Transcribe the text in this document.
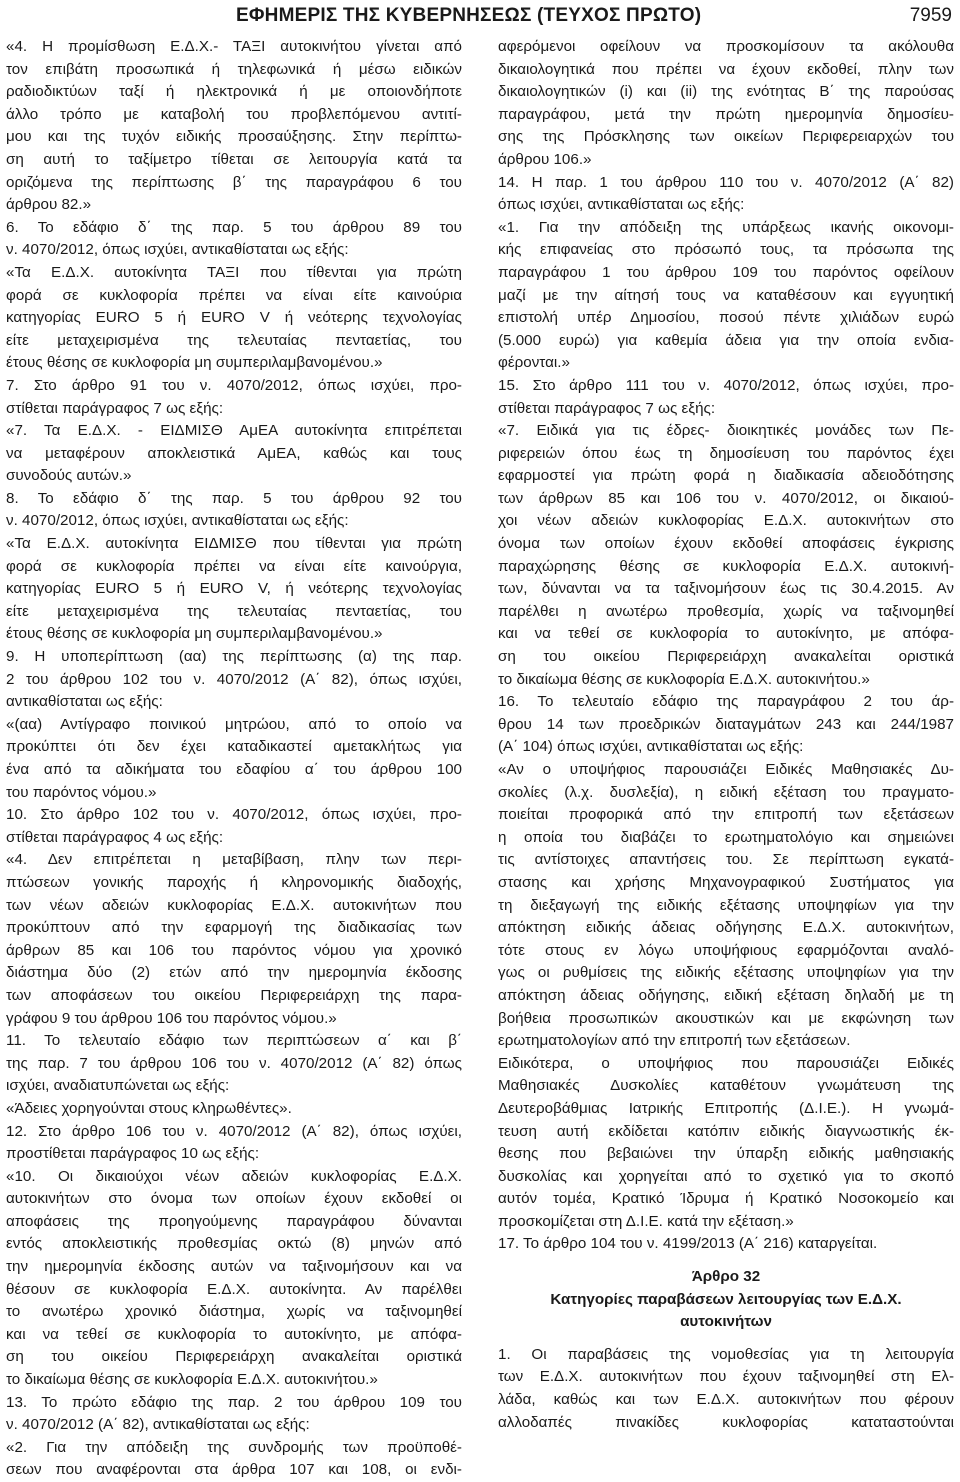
ΕΦΗΜΕΡΙΣ ΤΗΣ ΚΥΒΕΡΝΗΣΕΩΣ (ΤΕΥΧΟΣ ΠΡΩΤΟ)	7959
«4. Η προμίσθωση Ε.Δ.Χ.- ΤΑΞΙ αυτοκινήτου γίνεται από
τον επιβάτη προσωπικά ή τηλεφωνικά ή μέσω ειδικών
ραδιοδικτύων ταξί ή ηλεκτρονικά ή με οποιονδήποτε
άλλο τρόπο με καταβολή του προβλεπόμενου αντιτί-
μου και της τυχόν ειδικής προσαύξησης. Στην περίπτω-
ση αυτή το ταξίμετρο τίθεται σε λειτουργία κατά τα
οριζόμενα της περίπτωσης β΄ της παραγράφου 6 του
άρθρου 82.»
6. Το εδάφιο δ΄ της παρ. 5 του άρθρου 89 του
ν. 4070/2012, όπως ισχύει, αντικαθίσταται ως εξής:
«Τα Ε.Δ.Χ. αυτοκίνητα ΤΑΞΙ που τίθενται για πρώτη
φορά σε κυκλοφορία πρέπει να είναι είτε καινούρια
κατηγορίας EURO 5 ή EURO V ή νεότερης τεχνολογίας
είτε μεταχειρισμένα της τελευταίας πενταετίας, του
έτους θέσης σε κυκλοφορία μη συμπεριλαμβανομένου.»
7. Στο άρθρο 91 του ν. 4070/2012, όπως ισχύει, προ-
στίθεται παράγραφος 7 ως εξής:
«7. Τα Ε.Δ.Χ. - ΕΙΔΜΙΣΘ ΑμΕΑ αυτοκίνητα επιτρέπεται
να μεταφέρουν αποκλειστικά ΑμΕΑ, καθώς και τους
συνοδούς αυτών.»
8. Το εδάφιο δ΄ της παρ. 5 του άρθρου 92 του
ν. 4070/2012, όπως ισχύει, αντικαθίσταται ως εξής:
«Τα Ε.Δ.Χ. αυτοκίνητα ΕΙΔΜΙΣΘ που τίθενται για πρώτη
φορά σε κυκλοφορία πρέπει να είναι είτε καινούργια,
κατηγορίας EURO 5 ή EURO V, ή νεότερης τεχνολογίας
είτε μεταχειρισμένα της τελευταίας πενταετίας, του
έτους θέσης σε κυκλοφορία μη συμπεριλαμβανομένου.»
9. Η υποπερίπτωση (αα) της περίπτωσης (α) της παρ.
2 του άρθρου 102 του ν. 4070/2012 (Α΄ 82), όπως ισχύει,
αντικαθίσταται ως εξής:
«(αα) Αντίγραφο ποινικού μητρώου, από το οποίο να
προκύπτει ότι δεν έχει καταδικαστεί αμετακλήτως για
ένα από τα αδικήματα του εδαφίου α΄ του άρθρου 100
του παρόντος νόμου.»
10. Στο άρθρο 102 του ν. 4070/2012, όπως ισχύει, προ-
στίθεται παράγραφος 4 ως εξής:
«4. Δεν επιτρέπεται η μεταβίβαση, πλην των περι-
πτώσεων γονικής παροχής ή κληρονομικής διαδοχής,
των νέων αδειών κυκλοφορίας Ε.Δ.Χ. αυτοκινήτων που
προκύπτουν από την εφαρμογή της διαδικασίας των
άρθρων 85 και 106 του παρόντος νόμου για χρονικό
διάστημα δύο (2) ετών από την ημερομηνία έκδοσης
των αποφάσεων του οικείου Περιφερειάρχη της παρα-
γράφου 9 του άρθρου 106 του παρόντος νόμου.»
11. Το τελευταίο εδάφιο των περιπτώσεων α΄ και β΄
της παρ. 7 του άρθρου 106 του ν. 4070/2012 (Α΄ 82) όπως
ισχύει, αναδιατυπώνεται ως εξής:
«Άδειες χορηγούνται στους κληρωθέντες».
12. Στο άρθρο 106 του ν. 4070/2012 (Α΄ 82), όπως ισχύει,
προστίθεται παράγραφος 10 ως εξής:
«10. Οι δικαιούχοι νέων αδειών κυκλοφορίας Ε.Δ.Χ.
αυτοκινήτων στο όνομα των οποίων έχουν εκδοθεί οι
αποφάσεις της προηγούμενης παραγράφου δύνανται
εντός αποκλειστικής προθεσμίας οκτώ (8) μηνών από
την ημερομηνία έκδοσης αυτών να ταξινομήσουν και να
θέσουν σε κυκλοφορία Ε.Δ.Χ. αυτοκίνητα. Αν παρέλθει
το ανωτέρω χρονικό διάστημα, χωρίς να ταξινομηθεί
και να τεθεί σε κυκλοφορία το αυτοκίνητο, με απόφα-
ση του οικείου Περιφερειάρχη ανακαλείται οριστικά
το δικαίωμα θέσης σε κυκλοφορία Ε.Δ.Χ. αυτοκινήτου.»
13. Το πρώτο εδάφιο της παρ. 2 του άρθρου 109 του
ν. 4070/2012 (Α΄ 82), αντικαθίσταται ως εξής:
«2. Για την απόδειξη της συνδρομής των προϋποθέ-
σεων που αναφέρονται στα άρθρα 107 και 108, οι ενδι-
αφερόμενοι οφείλουν να προσκομίσουν τα ακόλουθα
δικαιολογητικά που πρέπει να έχουν εκδοθεί, πλην των
δικαιολογητικών (i) και (ii) της ενότητας Β΄ της παρούσας
παραγράφου, μετά την πρώτη ημερομηνία δημοσίευ-
σης της Πρόσκλησης των οικείων Περιφερειαρχών του
άρθρου 106.»
14. Η παρ. 1 του άρθρου 110 του ν. 4070/2012 (Α΄ 82)
όπως ισχύει, αντικαθίσταται ως εξής:
«1. Για την απόδειξη της υπάρξεως ικανής οικονομι-
κής επιφανείας στο πρόσωπό τους, τα πρόσωπα της
παραγράφου 1 του άρθρου 109 του παρόντος οφείλουν
μαζί με την αίτησή τους να καταθέσουν και εγγυητική
επιστολή υπέρ Δημοσίου, ποσού πέντε χιλιάδων ευρώ
(5.000 ευρώ) για καθεμία άδεια για την οποία ενδια-
φέρονται.»
15. Στο άρθρο 111 του ν. 4070/2012, όπως ισχύει, προ-
στίθεται παράγραφος 7 ως εξής:
«7. Ειδικά για τις έδρες- διοικητικές μονάδες των Πε-
ριφερειών όπου έως τη δημοσίευση του παρόντος έχει
εφαρμοστεί για πρώτη φορά η διαδικασία αδειοδότησης
των άρθρων 85 και 106 του ν. 4070/2012, οι δικαιού-
χοι νέων αδειών κυκλοφορίας Ε.Δ.Χ. αυτοκινήτων στο
όνομα των οποίων έχουν εκδοθεί αποφάσεις έγκρισης
παραχώρησης θέσης σε κυκλοφορία Ε.Δ.Χ. αυτοκινή-
των, δύνανται να τα ταξινομήσουν έως τις 30.4.2015. Αν
παρέλθει η ανωτέρω προθεσμία, χωρίς να ταξινομηθεί
και να τεθεί σε κυκλοφορία το αυτοκίνητο, με απόφα-
ση του οικείου Περιφερειάρχη ανακαλείται οριστικά
το δικαίωμα θέσης σε κυκλοφορία Ε.Δ.Χ. αυτοκινήτου.»
16. Το τελευταίο εδάφιο της παραγράφου 2 του άρ-
θρου 14 των προεδρικών διαταγμάτων 243 και 244/1987
(Α΄ 104) όπως ισχύει, αντικαθίσταται ως εξής:
«Αν ο υποψήφιος παρουσιάζει Ειδικές Μαθησιακές Δυ-
σκολίες (λ.χ. δυσλεξία), η ειδική εξέταση του πραγματο-
ποιείται προφορικά από την επιτροπή των εξετάσεων
η οποία του διαβάζει το ερωτηματολόγιο και σημειώνει
τις αντίστοιχες απαντήσεις του. Σε περίπτωση εγκατά-
στασης και χρήσης Μηχανογραφικού Συστήματος για
τη διεξαγωγή της ειδικής εξέτασης υποψηφίων για την
απόκτηση ειδικής άδειας οδήγησης Ε.Δ.Χ. αυτοκινήτων,
τότε στους εν λόγω υποψήφιους εφαρμόζονται αναλό-
γως οι ρυθμίσεις της ειδικής εξέτασης υποψηφίων για την
απόκτηση άδειας οδήγησης, ειδική εξέταση δηλαδή με τη
βοήθεια προσωπικών ακουστικών και με εκφώνηση των
ερωτηματολογίων από την επιτροπή των εξετάσεων.
Ειδικότερα, ο υποψήφιος που παρουσιάζει Ειδικές
Μαθησιακές Δυσκολίες καταθέτουν γνωμάτευση της
Δευτεροβάθμιας Ιατρικής Επιτροπής (Δ.Ι.Ε.). Η γνωμά-
τευση αυτή εκδίδεται κατόπιν ειδικής διαγνωστικής έκ-
θεσης που βεβαιώνει την ύπαρξη ειδικής μαθησιακής
δυσκολίας και χορηγείται από το σχετικό για το σκοπό
αυτόν τομέα, Κρατικό Ίδρυμα ή Κρατικό Νοσοκομείο και
προσκομίζεται στη Δ.Ι.Ε. κατά την εξέταση.»
17. Το άρθρο 104 του ν. 4199/2013 (Α΄ 216) καταργείται.
Άρθρο 32
Κατηγορίες παραβάσεων λειτουργίας των Ε.Δ.Χ.
αυτοκινήτων
1. Οι παραβάσεις της νομοθεσίας για τη λειτουργία
των Ε.Δ.Χ. αυτοκινήτων που έχουν ταξινομηθεί στη Ελ-
λάδα, καθώς και των Ε.Δ.Χ. αυτοκινήτων που φέρουν
αλλοδαπές πινακίδες κυκλοφορίας καταταστούνται
